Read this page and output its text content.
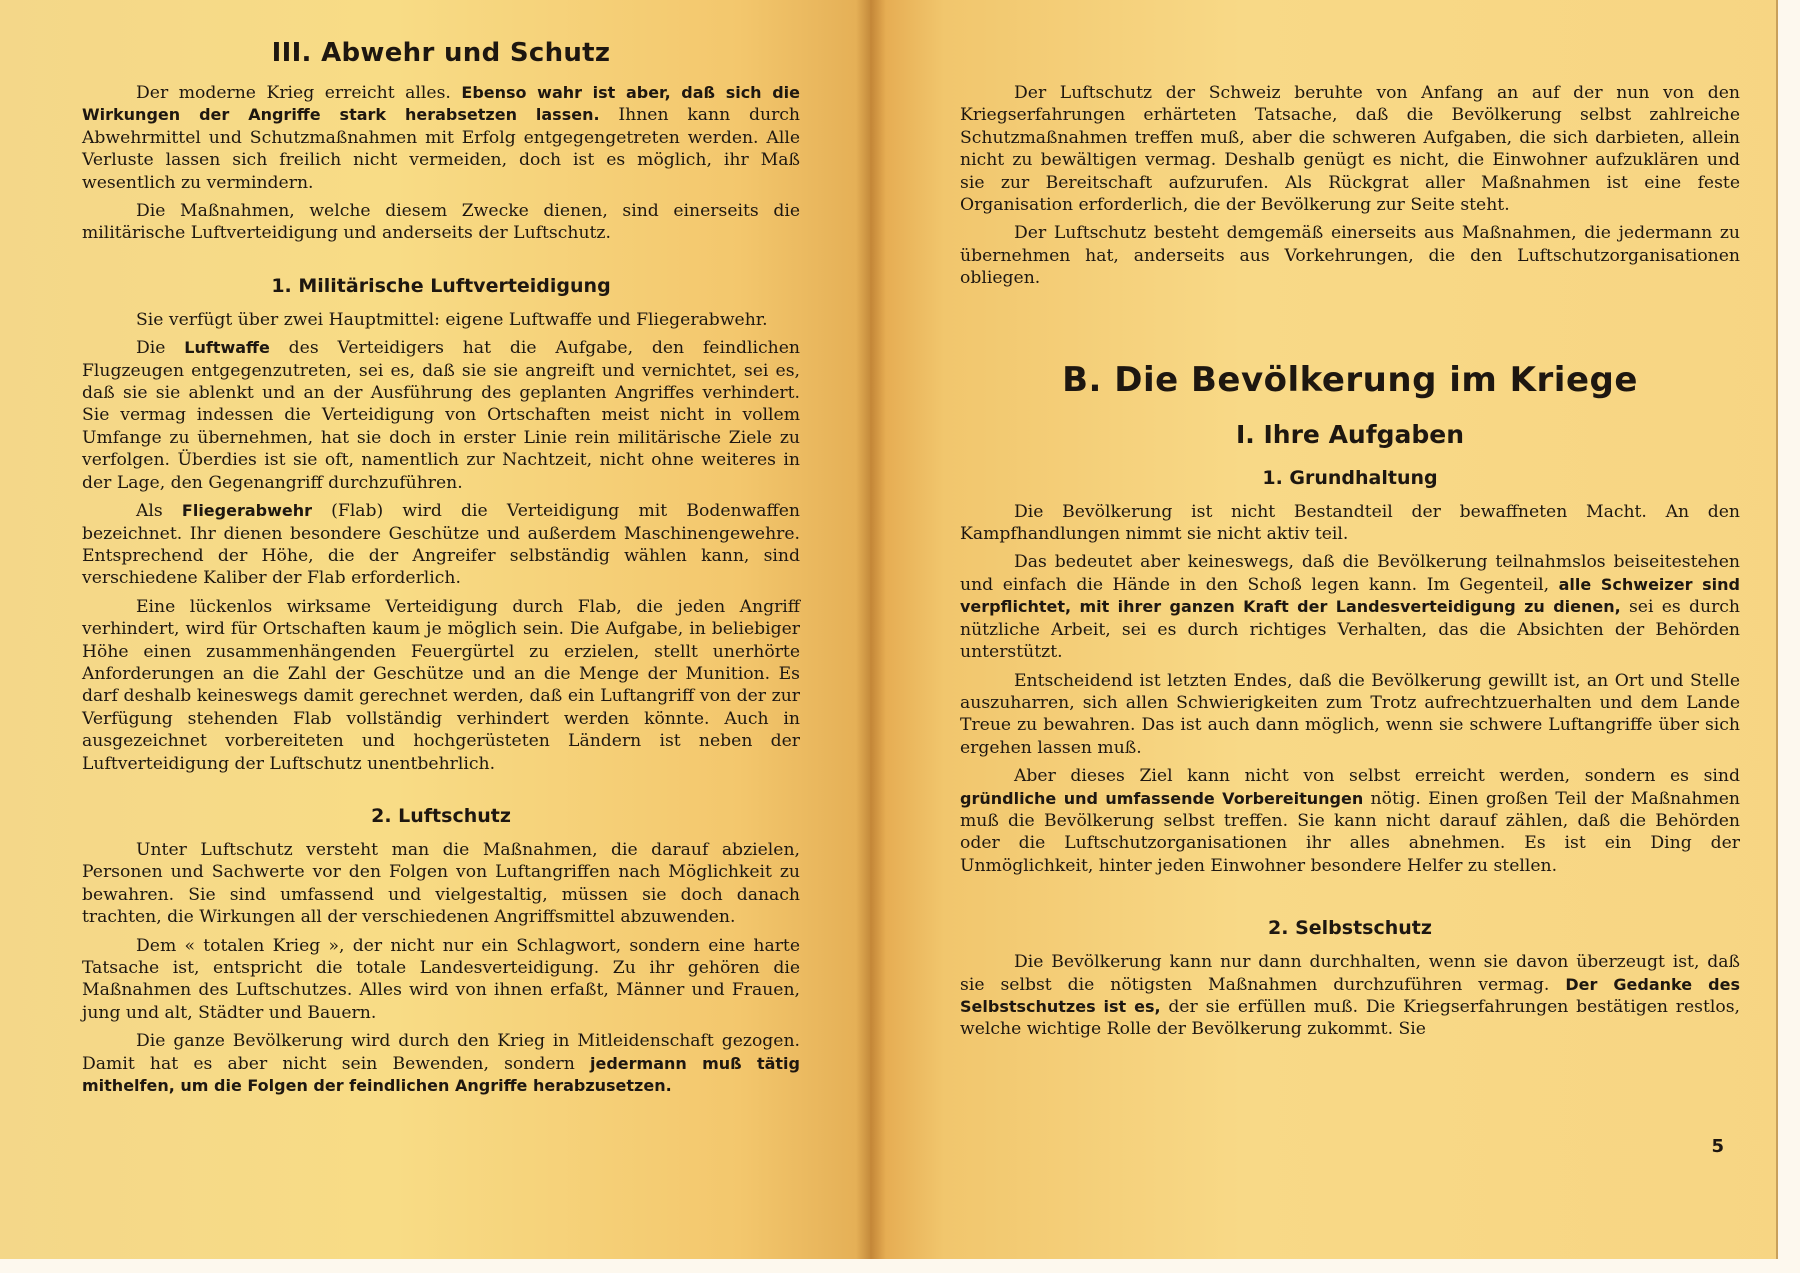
III. Abwehr und Schutz

Der moderne Krieg erreicht alles. Ebenso wahr ist aber, daß sich die Wirkungen der Angriffe stark herabsetzen lassen. Ihnen kann durch Abwehrmittel und Schutzmaßnahmen mit Erfolg entgegengetreten werden. Alle Verluste lassen sich freilich nicht vermeiden, doch ist es möglich, ihr Maß wesentlich zu vermindern.

Die Maßnahmen, welche diesem Zwecke dienen, sind einerseits die militärische Luftverteidigung und anderseits der Luftschutz.

1. Militärische Luftverteidigung

Sie verfügt über zwei Hauptmittel: eigene Luftwaffe und Fliegerabwehr.

Die Luftwaffe des Verteidigers hat die Aufgabe, den feindlichen Flugzeugen entgegenzutreten, sei es, daß sie sie angreift und vernichtet, sei es, daß sie sie ablenkt und an der Ausführung des geplanten Angriffes verhindert. Sie vermag indessen die Verteidigung von Ortschaften meist nicht in vollem Umfange zu übernehmen, hat sie doch in erster Linie rein militärische Ziele zu verfolgen. Überdies ist sie oft, namentlich zur Nachtzeit, nicht ohne weiteres in der Lage, den Gegenangriff durchzuführen.

Als Fliegerabwehr (Flab) wird die Verteidigung mit Bodenwaffen bezeichnet. Ihr dienen besondere Geschütze und außerdem Maschinengewehre. Entsprechend der Höhe, die der Angreifer selbständig wählen kann, sind verschiedene Kaliber der Flab erforderlich.

Eine lückenlos wirksame Verteidigung durch Flab, die jeden Angriff verhindert, wird für Ortschaften kaum je möglich sein. Die Aufgabe, in beliebiger Höhe einen zusammenhängenden Feuergürtel zu erzielen, stellt unerhörte Anforderungen an die Zahl der Geschütze und an die Menge der Munition. Es darf deshalb keineswegs damit gerechnet werden, daß ein Luftangriff von der zur Verfügung stehenden Flab vollständig verhindert werden könnte. Auch in ausgezeichnet vorbereiteten und hochgerüsteten Ländern ist neben der Luftverteidigung der Luftschutz unentbehrlich.

2. Luftschutz

Unter Luftschutz versteht man die Maßnahmen, die darauf abzielen, Personen und Sachwerte vor den Folgen von Luftangriffen nach Möglichkeit zu bewahren. Sie sind umfassend und vielgestaltig, müssen sie doch danach trachten, die Wirkungen all der verschiedenen Angriffsmittel abzuwenden.

Dem « totalen Krieg », der nicht nur ein Schlagwort, sondern eine harte Tatsache ist, entspricht die totale Landesverteidigung. Zu ihr gehören die Maßnahmen des Luftschutzes. Alles wird von ihnen erfaßt, Männer und Frauen, jung und alt, Städter und Bauern.

Die ganze Bevölkerung wird durch den Krieg in Mitleidenschaft gezogen. Damit hat es aber nicht sein Bewenden, sondern jedermann muß tätig mithelfen, um die Folgen der feindlichen Angriffe herabzusetzen.

Der Luftschutz der Schweiz beruhte von Anfang an auf der nun von den Kriegserfahrungen erhärteten Tatsache, daß die Bevölkerung selbst zahlreiche Schutzmaßnahmen treffen muß, aber die schweren Aufgaben, die sich darbieten, allein nicht zu bewältigen vermag. Deshalb genügt es nicht, die Einwohner aufzuklären und sie zur Bereitschaft aufzurufen. Als Rückgrat aller Maßnahmen ist eine feste Organisation erforderlich, die der Bevölkerung zur Seite steht.

Der Luftschutz besteht demgemäß einerseits aus Maßnahmen, die jedermann zu übernehmen hat, anderseits aus Vorkehrungen, die den Luftschutzorganisationen obliegen.

B. Die Bevölkerung im Kriege
I. Ihre Aufgaben
1. Grundhaltung

Die Bevölkerung ist nicht Bestandteil der bewaffneten Macht. An den Kampfhandlungen nimmt sie nicht aktiv teil.

Das bedeutet aber keineswegs, daß die Bevölkerung teilnahmslos beiseitestehen und einfach die Hände in den Schoß legen kann. Im Gegenteil, alle Schweizer sind verpflichtet, mit ihrer ganzen Kraft der Landesverteidigung zu dienen, sei es durch nützliche Arbeit, sei es durch richtiges Verhalten, das die Absichten der Behörden unterstützt.

Entscheidend ist letzten Endes, daß die Bevölkerung gewillt ist, an Ort und Stelle auszuharren, sich allen Schwierigkeiten zum Trotz aufrechtzuerhalten und dem Lande Treue zu bewahren. Das ist auch dann möglich, wenn sie schwere Luftangriffe über sich ergehen lassen muß.

Aber dieses Ziel kann nicht von selbst erreicht werden, sondern es sind gründliche und umfassende Vorbereitungen nötig. Einen großen Teil der Maßnahmen muß die Bevölkerung selbst treffen. Sie kann nicht darauf zählen, daß die Behörden oder die Luftschutzorganisationen ihr alles abnehmen. Es ist ein Ding der Unmöglichkeit, hinter jeden Einwohner besondere Helfer zu stellen.

2. Selbstschutz

Die Bevölkerung kann nur dann durchhalten, wenn sie davon überzeugt ist, daß sie selbst die nötigsten Maßnahmen durchzuführen vermag. Der Gedanke des Selbstschutzes ist es, der sie erfüllen muß. Die Kriegserfahrungen bestätigen restlos, welche wichtige Rolle der Bevölkerung zukommt. Sie

5
